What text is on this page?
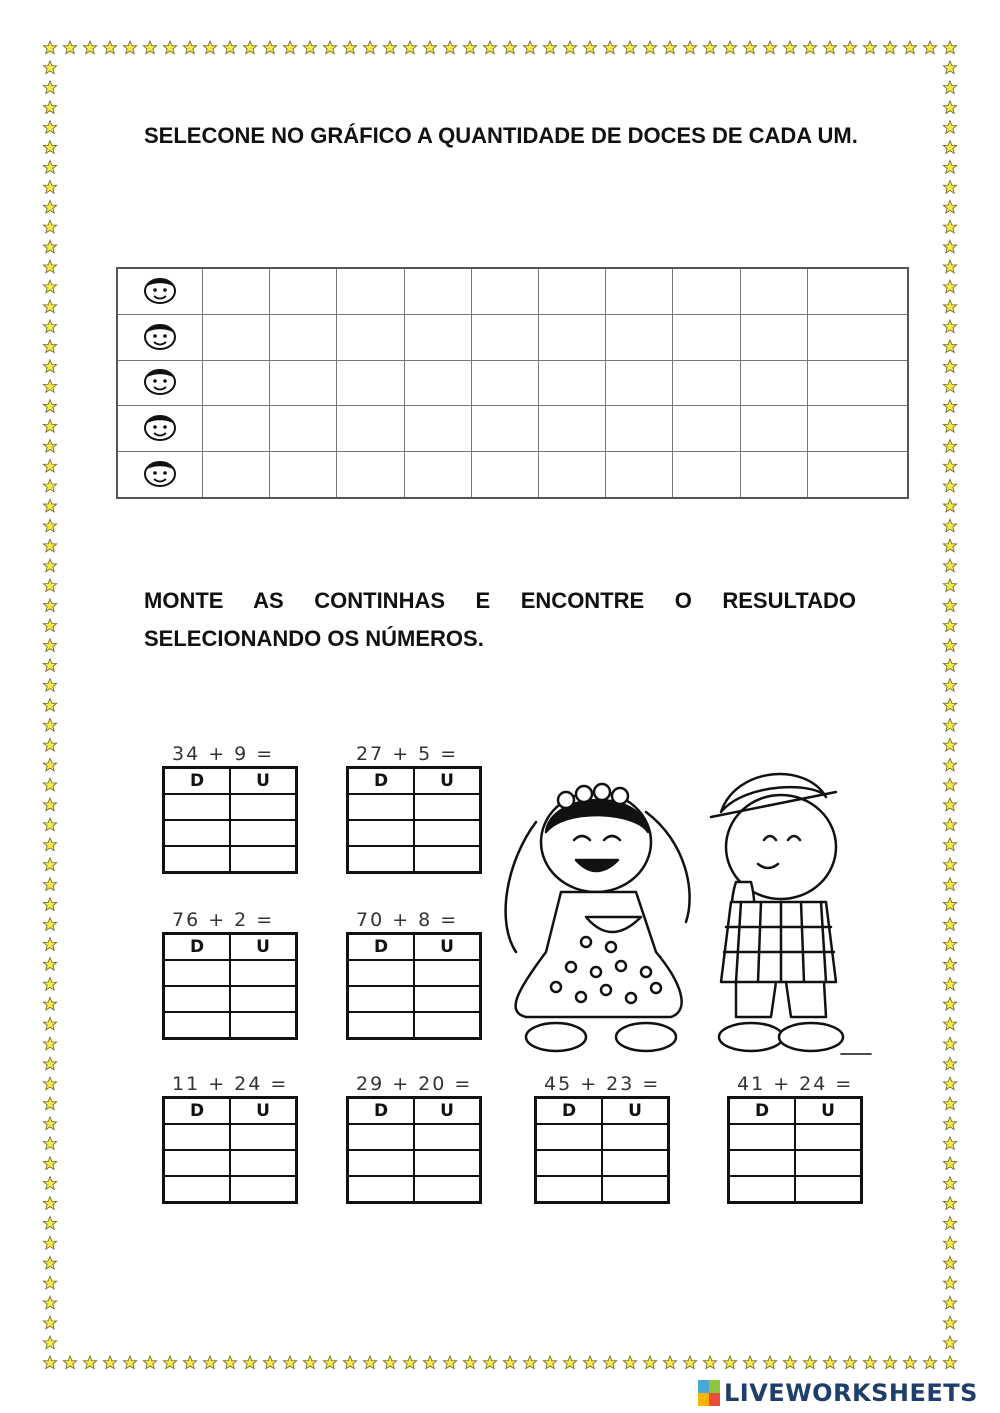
SELECONE NO GRÁFICO A QUANTIDADE DE DOCES DE CADA UM.

MONTE AS CONTINHAS E ENCONTRE O RESULTADO
SELECIONANDO OS NÚMEROS.
34 + 9 =
D	U

27 + 5 =
D	U

76 + 2 =
D	U

70 + 8 =
D	U

11 + 24 =
D	U

29 + 20 =
D	U

45 + 23 =
D	U

41 + 24 =
D	U

LIVEWORKSHEETS
